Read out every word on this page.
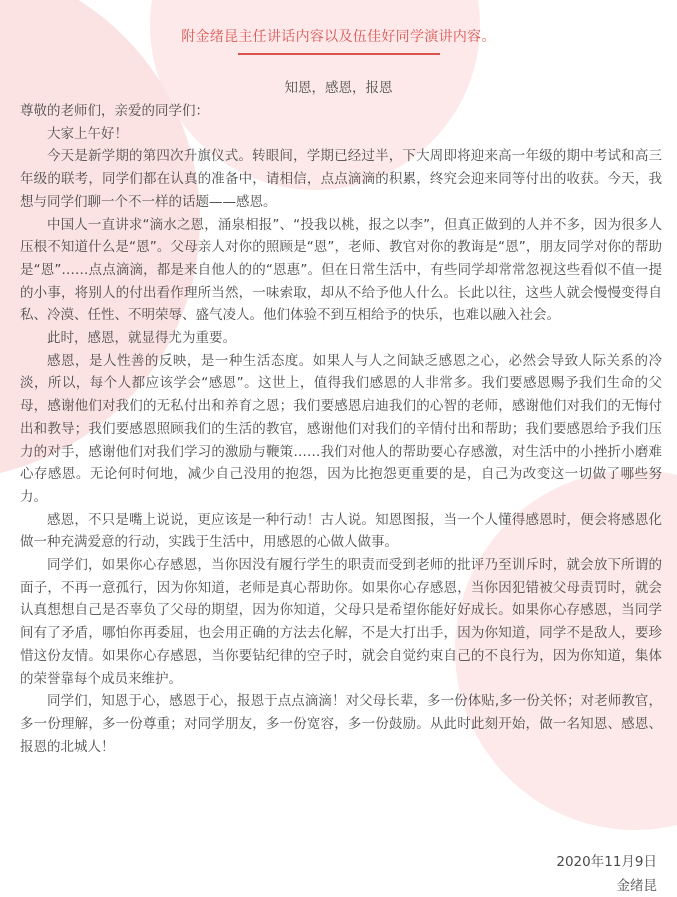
附金绪昆主任讲话内容以及伍佳好同学演讲内容。
知恩，感恩，报恩

尊敬的老师们，亲爱的同学们：

大家上午好！

今天是新学期的第四次升旗仪式。转眼间，学期已经过半，下大周即将迎来高一年级的期中考试和高三年级的联考，同学们都在认真的准备中，请相信，点点滴滴的积累，终究会迎来同等付出的收获。今天，我想与同学们聊一个不一样的话题——感恩。

中国人一直讲求“滴水之恩，涌泉相报”、“投我以桃，报之以李”，但真正做到的人并不多，因为很多人压根不知道什么是“恩”。父母亲人对你的照顾是“恩”，老师、教官对你的教诲是“恩”，朋友同学对你的帮助是“恩”……点点滴滴，都是来自他人的的“恩惠”。但在日常生活中，有些同学却常常忽视这些看似不值一提的小事，将别人的付出看作理所当然，一味索取，却从不给予他人什么。长此以往，这些人就会慢慢变得自私、冷漠、任性、不明荣辱、盛气凌人。他们体验不到互相给予的快乐，也难以融入社会。

此时，感恩，就显得尤为重要。

感恩，是人性善的反映，是一种生活态度。如果人与人之间缺乏感恩之心，必然会导致人际关系的冷淡，所以，每个人都应该学会“感恩”。这世上，值得我们感恩的人非常多。我们要感恩赐予我们生命的父母，感谢他们对我们的无私付出和养育之恩；我们要感恩启迪我们的心智的老师，感谢他们对我们的无悔付出和教导；我们要感恩照顾我们的生活的教官，感谢他们对我们的辛情付出和帮助；我们要感恩给予我们压力的对手，感谢他们对我们学习的激励与鞭策……我们对他人的帮助要心存感激，对生活中的小挫折小磨难心存感恩。无论何时何地，减少自己没用的抱怨，因为比抱怨更重要的是，自己为改变这一切做了哪些努力。

感恩，不只是嘴上说说，更应该是一种行动！古人说。知恩图报，当一个人懂得感恩时，便会将感恩化做一种充满爱意的行动，实践于生活中，用感恩的心做人做事。

同学们，如果你心存感恩，当你因没有履行学生的职责而受到老师的批评乃至训斥时，就会放下所谓的面子，不再一意孤行，因为你知道，老师是真心帮助你。如果你心存感恩，当你因犯错被父母责罚时，就会认真想想自己是否辜负了父母的期望，因为你知道，父母只是希望你能好好成长。如果你心存感恩，当同学间有了矛盾，哪怕你再委屈，也会用正确的方法去化解，不是大打出手，因为你知道，同学不是敌人，要珍惜这份友情。如果你心存感恩，当你要钻纪律的空子时，就会自觉约束自己的不良行为，因为你知道，集体的荣誉靠每个成员来维护。

同学们，知恩于心，感恩于心，报恩于点点滴滴！对父母长辈，多一份体贴,多一份关怀；对老师教官，多一份理解，多一份尊重；对同学朋友，多一份宽容，多一份鼓励。从此时此刻开始，做一名知恩、感恩、报恩的北城人！

2020年11月9日
金绪昆
